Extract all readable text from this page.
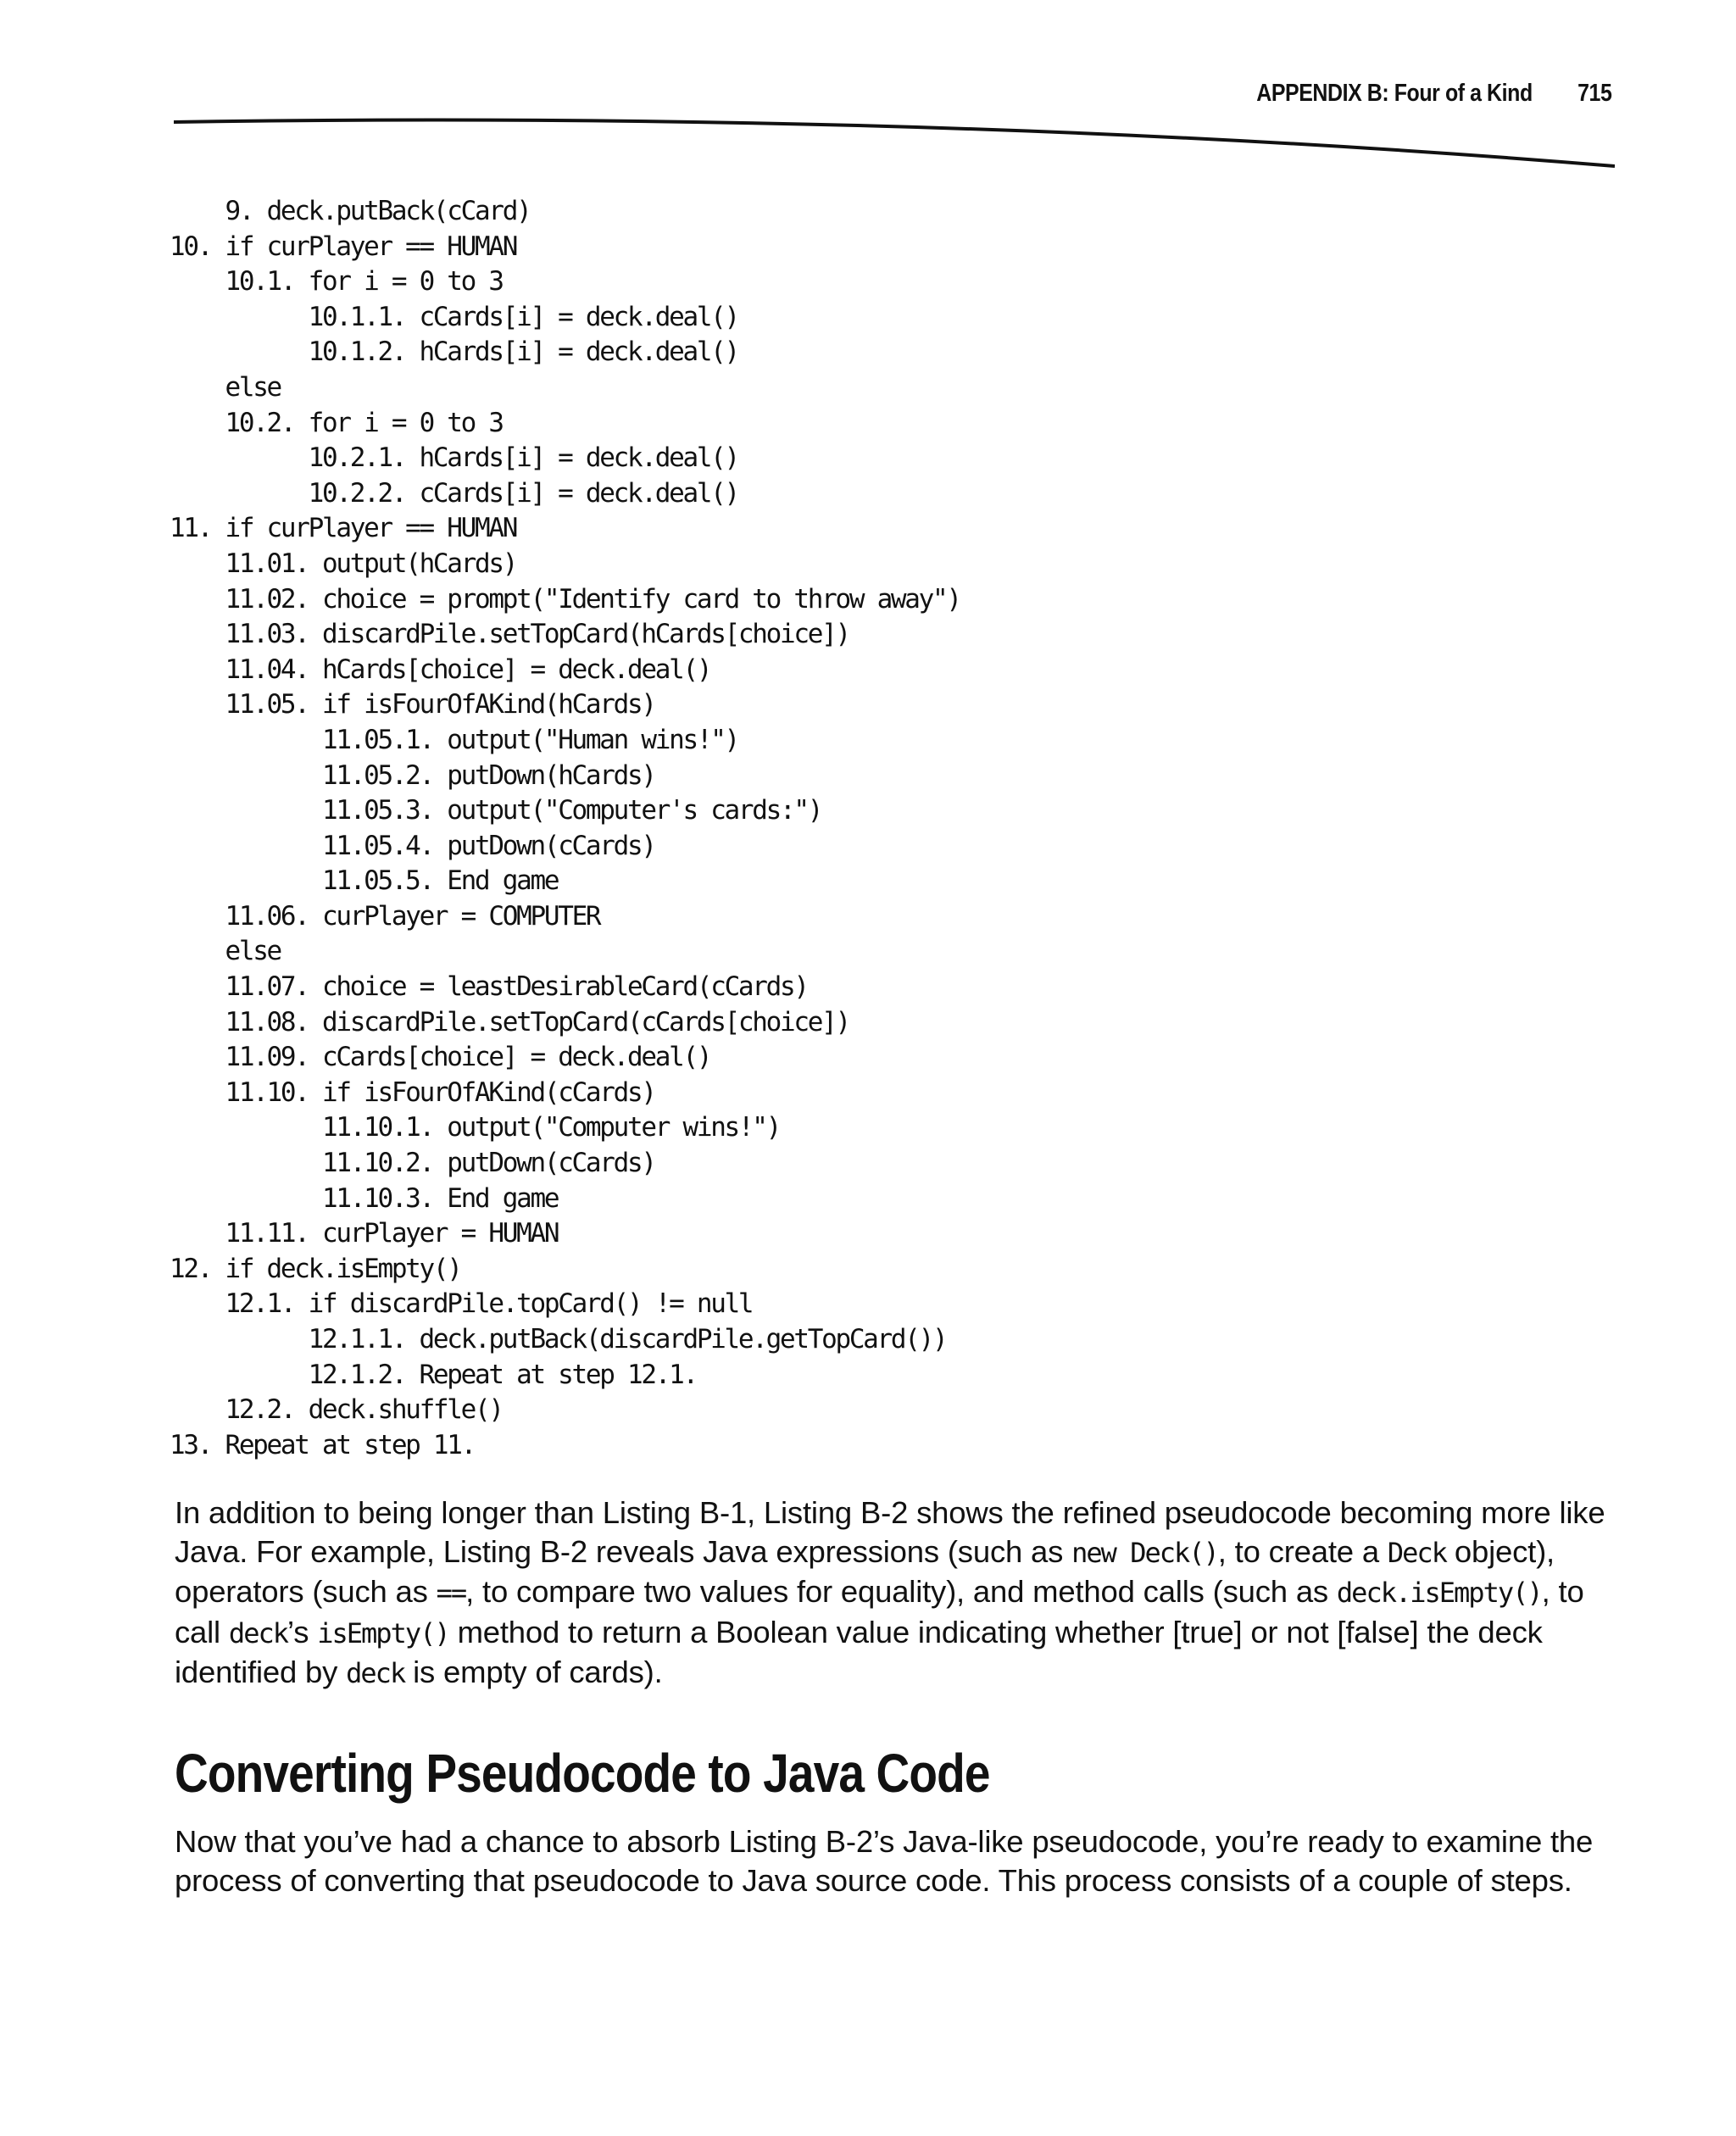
APPENDIX B: Four of a Kind 715
9. deck.putBack(cCard)
10. if curPlayer == HUMAN
10.1. for i = 0 to 3
10.1.1. cCards[i] = deck.deal()
10.1.2. hCards[i] = deck.deal()
else
10.2. for i = 0 to 3
10.2.1. hCards[i] = deck.deal()
10.2.2. cCards[i] = deck.deal()
11. if curPlayer == HUMAN
11.01. output(hCards)
11.02. choice = prompt("Identify card to throw away")
11.03. discardPile.setTopCard(hCards[choice])
11.04. hCards[choice] = deck.deal()
11.05. if isFourOfAKind(hCards)
11.05.1. output("Human wins!")
11.05.2. putDown(hCards)
11.05.3. output("Computer's cards:")
11.05.4. putDown(cCards)
11.05.5. End game
11.06. curPlayer = COMPUTER
else
11.07. choice = leastDesirableCard(cCards)
11.08. discardPile.setTopCard(cCards[choice])
11.09. cCards[choice] = deck.deal()
11.10. if isFourOfAKind(cCards)
11.10.1. output("Computer wins!")
11.10.2. putDown(cCards)
11.10.3. End game
11.11. curPlayer = HUMAN
12. if deck.isEmpty()
12.1. if discardPile.topCard() != null
12.1.1. deck.putBack(discardPile.getTopCard())
12.1.2. Repeat at step 12.1.
12.2. deck.shuffle()
13. Repeat at step 11.

In addition to being longer than Listing B-1, Listing B-2 shows the refined pseudocode becoming more like Java. For example, Listing B-2 reveals Java expressions (such as new Deck(), to create a Deck object), operators (such as ==, to compare two values for equality), and method calls (such as deck.isEmpty(), to call deck’s isEmpty() method to return a Boolean value indicating whether [true] or not [false] the deck identified by deck is empty of cards).

Converting Pseudocode to Java Code

Now that you’ve had a chance to absorb Listing B-2’s Java-like pseudocode, you’re ready to examine the process of converting that pseudocode to Java source code. This process consists of a couple of steps.
